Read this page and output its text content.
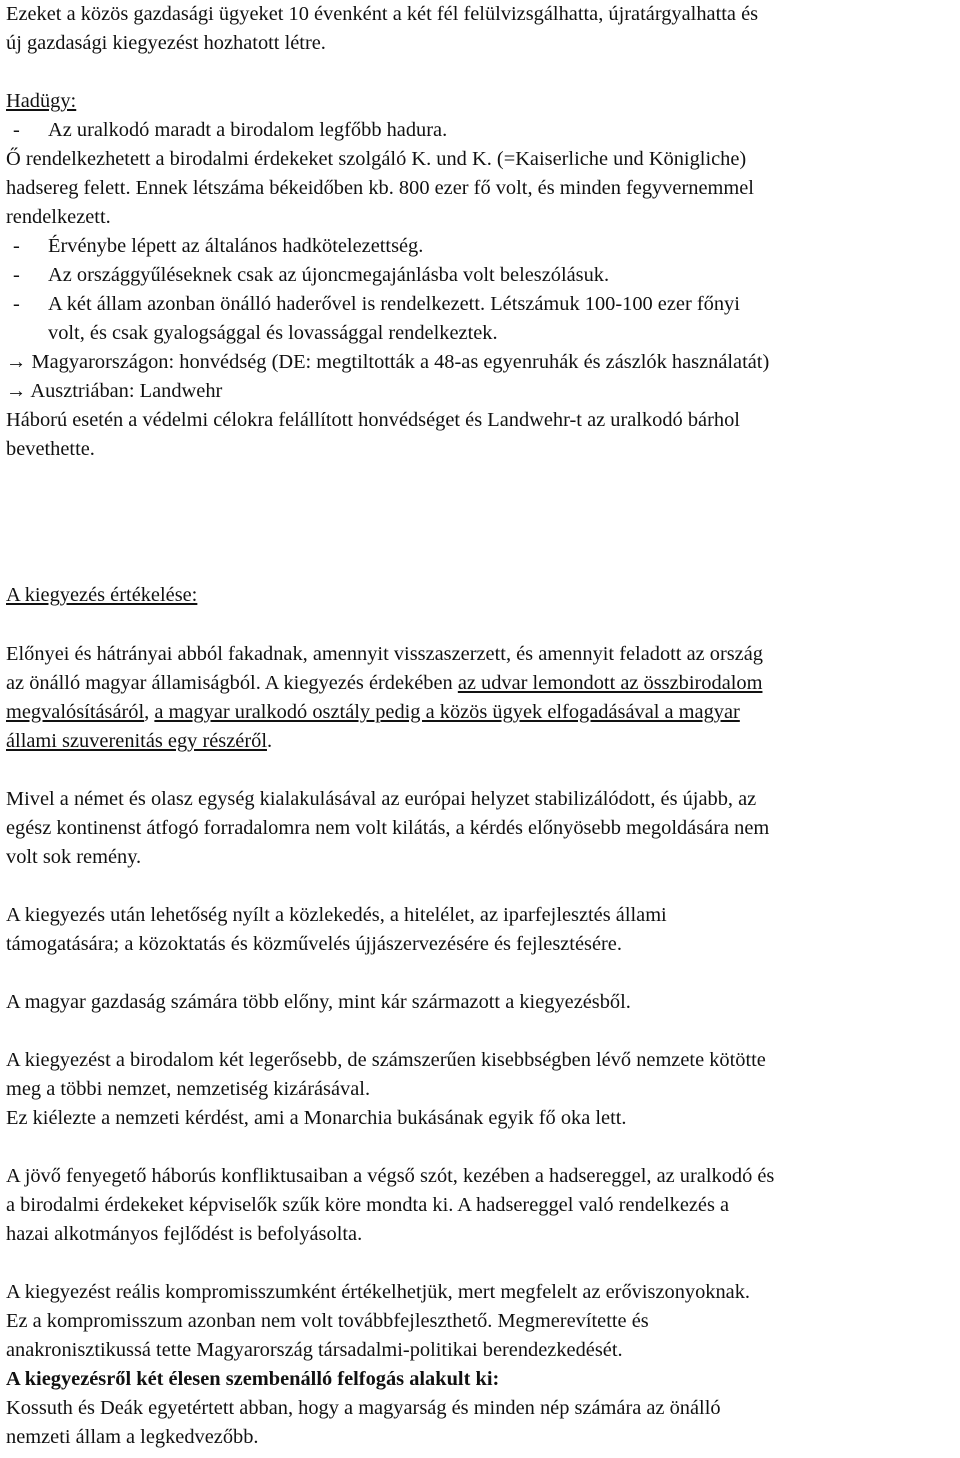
Ezeket a közös gazdasági ügyeket 10 évenként a két fél felülvizsgálhatta, újratárgyalhatta és
új gazdasági kiegyezést hozhatott létre.
Hadügy:
- Az uralkodó maradt a birodalom legfőbb hadura.
Ő rendelkezhetett a birodalmi érdekeket szolgáló K. und K. (=Kaiserliche und Königliche)
hadsereg felett. Ennek létszáma békeidőben kb. 800 ezer fő volt, és minden fegyvernemmel
rendelkezett.
- Érvénybe lépett az általános hadkötelezettség.
- Az országgyűléseknek csak az újoncmegajánlásba volt beleszólásuk.
- A két állam azonban önálló haderővel is rendelkezett. Létszámuk 100-100 ezer főnyi
volt, és csak gyalogsággal és lovassággal rendelkeztek.
→ Magyarországon: honvédség (DE: megtiltották a 48-as egyenruhák és zászlók használatát)
→ Ausztriában: Landwehr
Háború esetén a védelmi célokra felállított honvédséget és Landwehr-t az uralkodó bárhol
bevethette.
A kiegyezés értékelése:
Előnyei és hátrányai abból fakadnak, amennyit visszaszerzett, és amennyit feladott az ország
az önálló magyar államiságból. A kiegyezés érdekében az udvar lemondott az összbirodalom
megvalósításáról, a magyar uralkodó osztály pedig a közös ügyek elfogadásával a magyar
állami szuverenitás egy részéről.
Mivel a német és olasz egység kialakulásával az európai helyzet stabilizálódott, és újabb, az
egész kontinenst átfogó forradalomra nem volt kilátás, a kérdés előnyösebb megoldására nem
volt sok remény.
A kiegyezés után lehetőség nyílt a közlekedés, a hitelélet, az iparfejlesztés állami
támogatására; a közoktatás és közművelés újjászervezésére és fejlesztésére.
A magyar gazdaság számára több előny, mint kár származott a kiegyezésből.
A kiegyezést a birodalom két legerősebb, de számszerűen kisebbségben lévő nemzete kötötte
meg a többi nemzet, nemzetiség kizárásával.
Ez kiélezte a nemzeti kérdést, ami a Monarchia bukásának egyik fő oka lett.
A jövő fenyegető háborús konfliktusaiban a végső szót, kezében a hadsereggel, az uralkodó és
a birodalmi érdekeket képviselők szűk köre mondta ki. A hadsereggel való rendelkezés a
hazai alkotmányos fejlődést is befolyásolta.
A kiegyezést reális kompromisszumként értékelhetjük, mert megfelelt az erőviszonyoknak.
Ez a kompromisszum azonban nem volt továbbfejleszthető. Megmerevítette és
anakronisztikussá tette Magyarország társadalmi-politikai berendezkedését.
A kiegyezésről két élesen szembenálló felfogás alakult ki:
Kossuth és Deák egyetértett abban, hogy a magyarság és minden nép számára az önálló
nemzeti állam a legkedvezőbb.
